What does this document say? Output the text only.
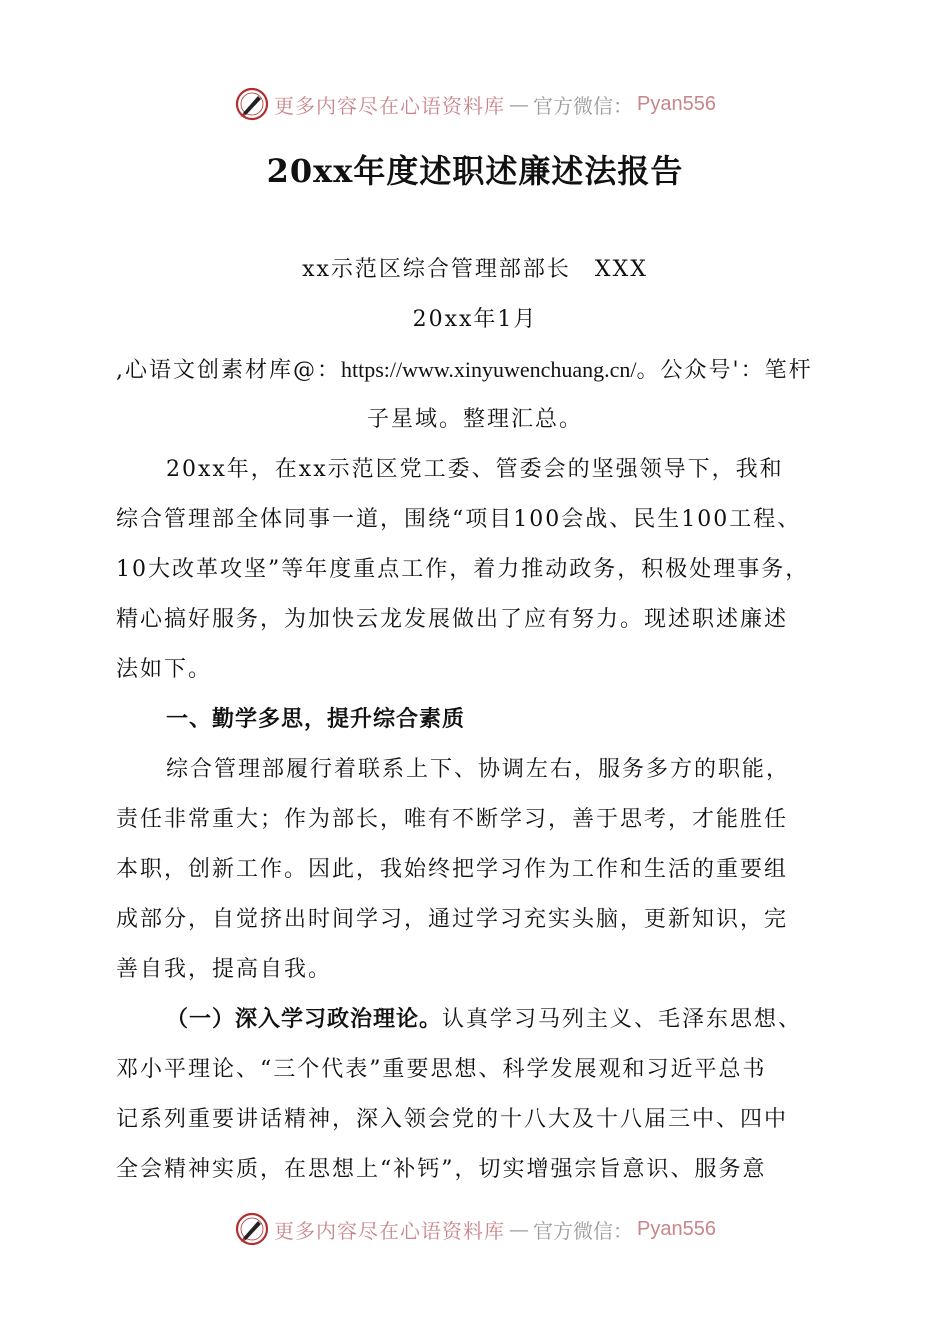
更多内容尽在心语资料库 — 官方微信： Pyan556
20xx年度述职述廉述法报告
xx示范区综合管理部部长　XXX
20xx年1月
,心语文创素材库@：https://www.xinyuwenchuang.cn/。公众号'：笔杆
子星域。整理汇总。
20xx年，在xx示范区党工委、管委会的坚强领导下，我和
综合管理部全体同事一道，围绕“项目100会战、民生100工程、
10大改革攻坚”等年度重点工作，着力推动政务，积极处理事务，
精心搞好服务，为加快云龙发展做出了应有努力。现述职述廉述
法如下。
一、勤学多思，提升综合素质
综合管理部履行着联系上下、协调左右，服务多方的职能，
责任非常重大；作为部长，唯有不断学习，善于思考，才能胜任
本职，创新工作。因此，我始终把学习作为工作和生活的重要组
成部分，自觉挤出时间学习，通过学习充实头脑，更新知识，完
善自我，提高自我。
（一）深入学习政治理论。认真学习马列主义、毛泽东思想、
邓小平理论、“三个代表”重要思想、科学发展观和习近平总书
记系列重要讲话精神，深入领会党的十八大及十八届三中、四中
全会精神实质，在思想上“补钙”，切实增强宗旨意识、服务意
更多内容尽在心语资料库 — 官方微信： Pyan556
